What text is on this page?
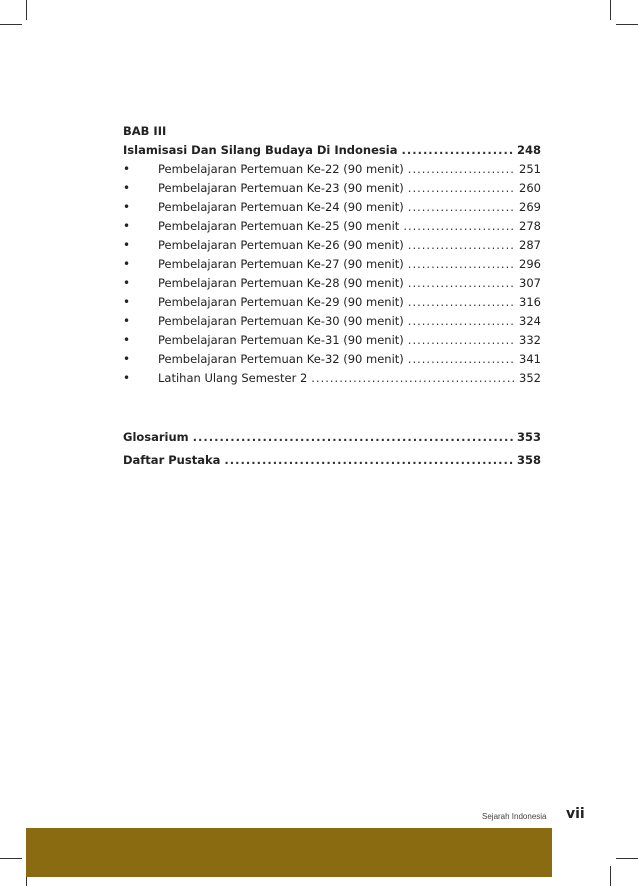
BAB III
Islamisasi Dan Silang Budaya Di Indonesia .....	248
•	Pembelajaran Pertemuan Ke-22 (90 menit) .....	251
•	Pembelajaran Pertemuan Ke-23 (90 menit) .....	260
•	Pembelajaran Pertemuan Ke-24 (90 menit) .....	269
•	Pembelajaran Pertemuan Ke-25 (90 menit .....	278
•	Pembelajaran Pertemuan Ke-26 (90 menit) .....	287
•	Pembelajaran Pertemuan Ke-27 (90 menit) .....	296
•	Pembelajaran Pertemuan Ke-28 (90 menit) .....	307
•	Pembelajaran Pertemuan Ke-29 (90 menit) .....	316
•	Pembelajaran Pertemuan Ke-30 (90 menit) .....	324
•	Pembelajaran Pertemuan Ke-31 (90 menit) .....	332
•	Pembelajaran Pertemuan Ke-32 (90 menit) .....	341
•	Latihan Ulang Semester 2 .....	352
Glosarium .....	353
Daftar Pustaka .....	358
Sejarah Indonesia vii
